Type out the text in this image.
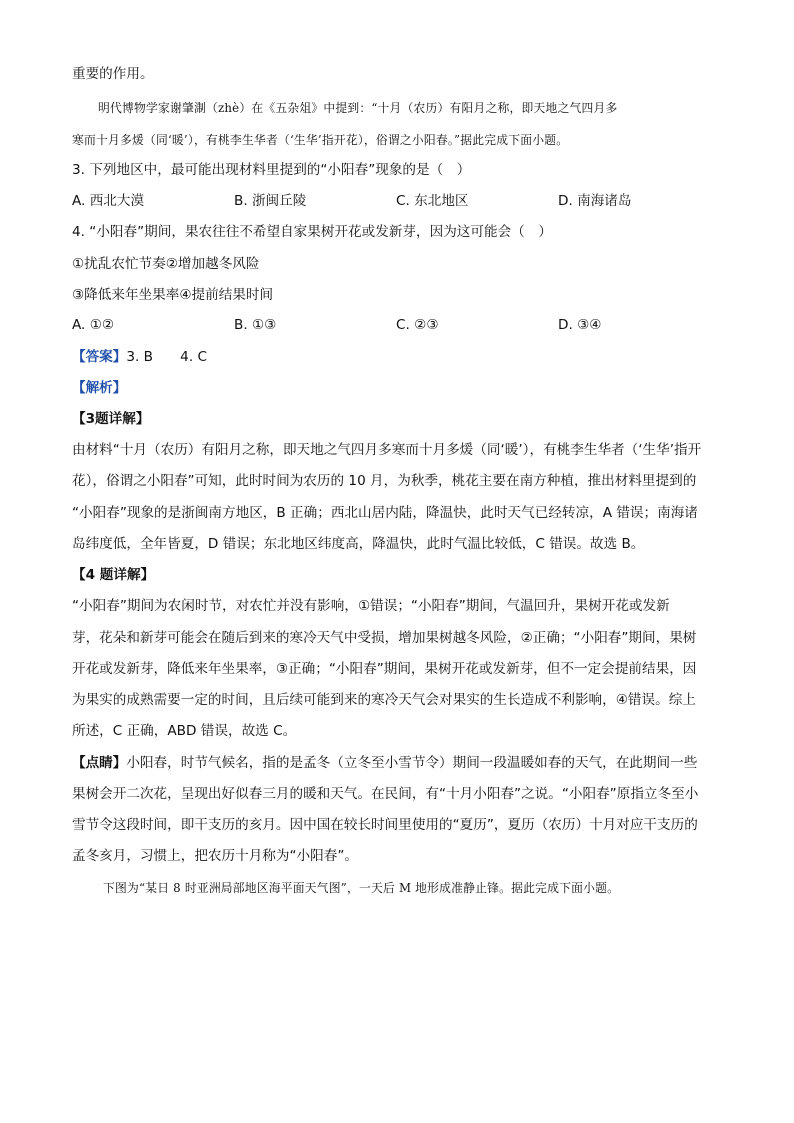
重要的作用。
明代博物学家谢肇淛（zhè）在《五杂俎》中提到：“十月（农历）有阳月之称，即天地之气四月多
寒而十月多煖（同‘暖’），有桃李生华者（‘生华’指开花），俗谓之小阳春。”据此完成下面小题。
3. 下列地区中，最可能出现材料里提到的“小阳春”现象的是（　）
A. 西北大漠	B. 浙闽丘陵	C. 东北地区	D. 南海诸岛
4. “小阳春”期间，果农往往不希望自家果树开花或发新芽，因为这可能会（　）
①扰乱农忙节奏②增加越冬风险
③降低来年坐果率④提前结果时间
A. ①②	B. ①③	C. ②③	D. ③④
【答案】3. B　　4. C
【解析】
【3题详解】
由材料“十月（农历）有阳月之称，即天地之气四月多寒而十月多煖（同‘暖’），有桃李生华者（‘生华’指开
花），俗谓之小阳春”可知，此时时间为农历的 10 月，为秋季，桃花主要在南方种植，推出材料里提到的
“小阳春”现象的是浙闽南方地区，B 正确；西北山居内陆，降温快，此时天气已经转凉，A 错误；南海诸
岛纬度低，全年皆夏，D 错误；东北地区纬度高，降温快，此时气温比较低，C 错误。故选 B。
【4 题详解】
“小阳春”期间为农闲时节，对农忙并没有影响，①错误；“小阳春”期间，气温回升，果树开花或发新
芽，花朵和新芽可能会在随后到来的寒冷天气中受损，增加果树越冬风险，②正确；“小阳春”期间，果树
开花或发新芽，降低来年坐果率，③正确；“小阳春”期间，果树开花或发新芽，但不一定会提前结果，因
为果实的成熟需要一定的时间，且后续可能到来的寒冷天气会对果实的生长造成不利影响，④错误。综上
所述，C 正确，ABD 错误，故选 C。
【点睛】小阳春，时节气候名，指的是孟冬（立冬至小雪节令）期间一段温暖如春的天气，在此期间一些
果树会开二次花，呈现出好似春三月的暖和天气。在民间，有“十月小阳春”之说。“小阳春”原指立冬至小
雪节令这段时间，即干支历的亥月。因中国在较长时间里使用的“夏历”，夏历（农历）十月对应干支历的
孟冬亥月，习惯上，把农历十月称为“小阳春”。
下图为“某日 8 时亚洲局部地区海平面天气图”，一天后 M 地形成准静止锋。据此完成下面小题。
